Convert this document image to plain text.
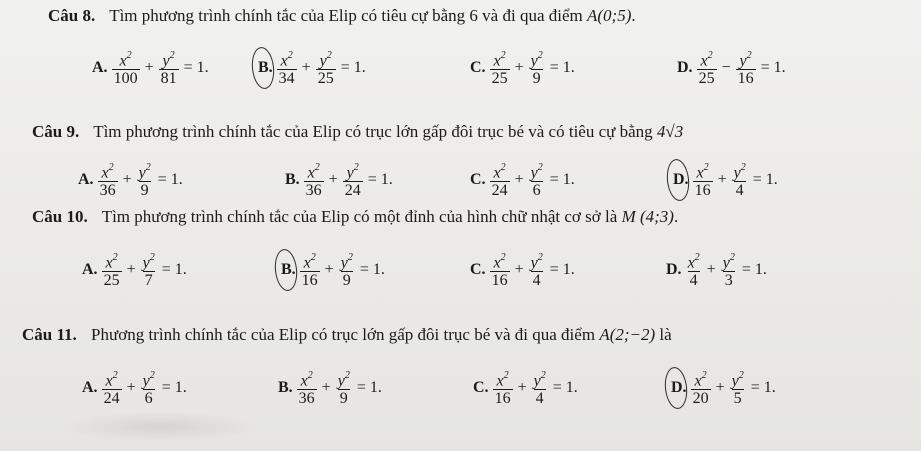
Câu 8. Tìm phương trình chính tắc của Elip có tiêu cự bằng 6 và đi qua điểm A(0;5).
A. $\frac{x^2}{100} + \frac{y^2}{81} = 1$.	B. $\frac{x^2}{34} + \frac{y^2}{25} = 1$.	C. $\frac{x^2}{25} + \frac{y^2}{9} = 1$.	D. $\frac{x^2}{25} - \frac{y^2}{16} = 1$.
Câu 9. Tìm phương trình chính tắc của Elip có trục lớn gấp đôi trục bé và có tiêu cự bằng 4√3
A. $\frac{x^2}{36} + \frac{y^2}{9} = 1$.	B. $\frac{x^2}{36} + \frac{y^2}{24} = 1$.	C. $\frac{x^2}{24} + \frac{y^2}{6} = 1$.	D. $\frac{x^2}{16} + \frac{y^2}{4} = 1$.
Câu 10. Tìm phương trình chính tắc của Elip có một đỉnh của hình chữ nhật cơ sở là M (4;3).
A. $\frac{x^2}{25} + \frac{y^2}{7} = 1$.	B. $\frac{x^2}{16} + \frac{y^2}{9} = 1$.	C. $\frac{x^2}{16} + \frac{y^2}{4} = 1$.	D. $\frac{x^2}{4} + \frac{y^2}{3} = 1$.
Câu 11. Phương trình chính tắc của Elip có trục lớn gấp đôi trục bé và đi qua điểm A(2;−2) là
A. $\frac{x^2}{24} + \frac{y^2}{6} = 1$.	B. $\frac{x^2}{36} + \frac{y^2}{9} = 1$.	C. $\frac{x^2}{16} + \frac{y^2}{4} = 1$.	D. $\frac{x^2}{20} + \frac{y^2}{5} = 1$.
